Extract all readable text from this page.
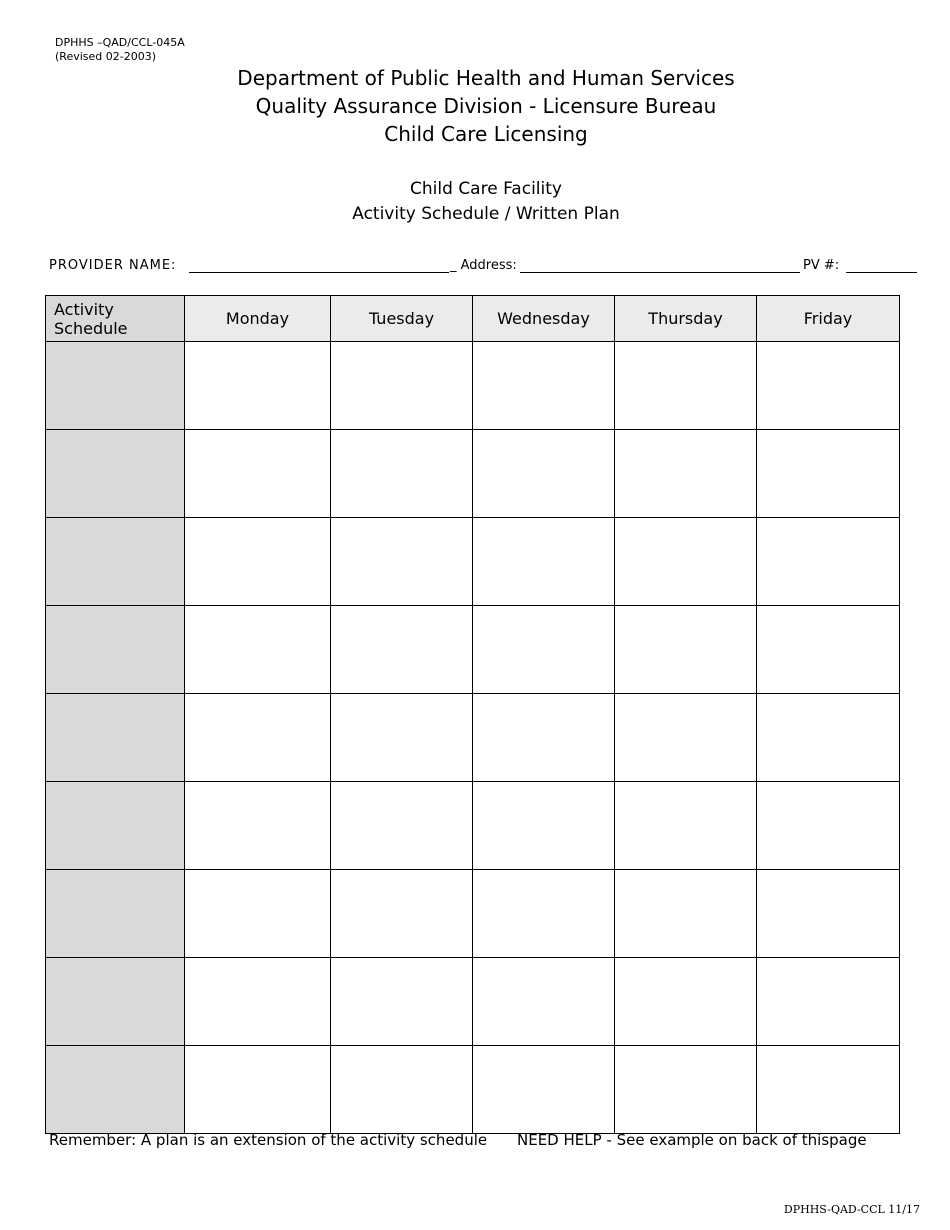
DPHHS –QAD/CCL-045A
(Revised 02-2003)
Department of Public Health and Human Services
Quality Assurance Division - Licensure Bureau
Child Care Licensing
Child Care Facility
Activity Schedule / Written Plan
PROVIDER NAME:	_ Address:	PV #:
Activity Schedule	Monday	Tuesday	Wednesday	Thursday	Friday

Remember: A plan is an extension of the activity schedule NEED HELP - See example on back of thispage
DPHHS-QAD-CCL 11/17
